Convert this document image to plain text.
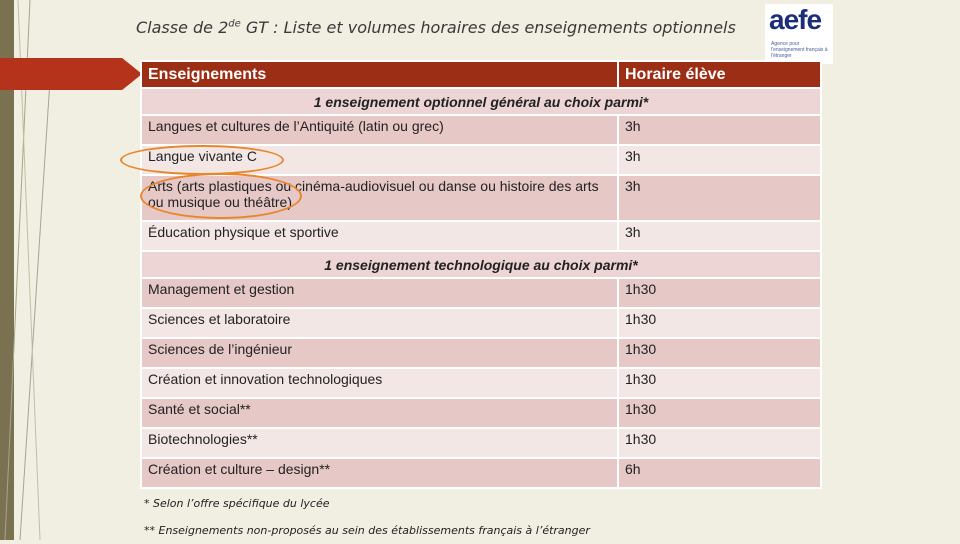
Classe de 2de GT : Liste et volumes horaires des enseignements optionnels	aefe
Agence pour l'enseignement français à l'étranger
Enseignements	Horaire élève
1 enseignement optionnel général au choix parmi*	
Langues et cultures de l’Antiquité (latin ou grec)	3h
Langue vivante C	3h
Arts (arts plastiques ou cinéma-audiovisuel ou danse ou histoire des arts ou musique ou théâtre)	3h
Éducation physique et sportive	3h
1 enseignement technologique au choix parmi*	
Management et gestion	1h30
Sciences et laboratoire	1h30
Sciences de l’ingénieur	1h30
Création et innovation technologiques	1h30
Santé et social**	1h30
Biotechnologies**	1h30
Création et culture – design**	6h
* Selon l’offre spécifique du lycée
** Enseignements non-proposés au sein des établissements français à l’étranger
